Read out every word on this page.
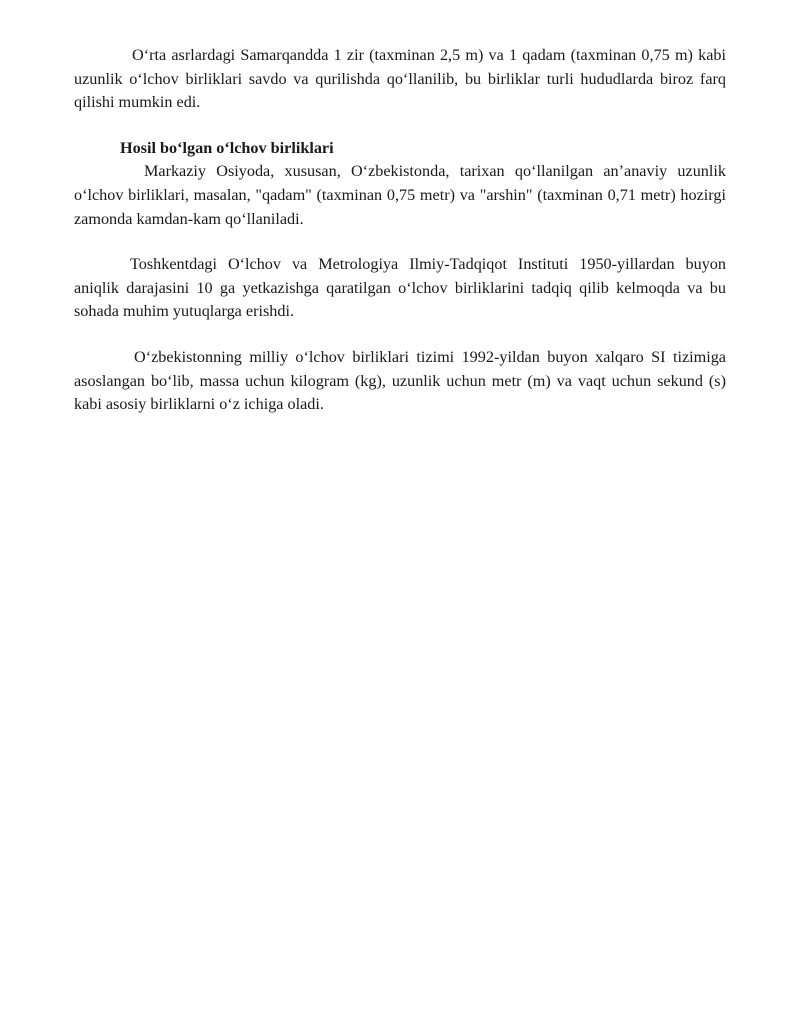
O‘rta asrlardagi Samarqandda 1 zir (taxminan 2,5 m) va 1 qadam (taxminan 0,75 m) kabi uzunlik o‘lchov birliklari savdo va qurilishda qo‘llanilib, bu birliklar turli hududlarda biroz farq qilishi mumkin edi.

Hosil bo‘lgan o‘lchov birliklari

Markaziy Osiyoda, xususan, O‘zbekistonda, tarixan qo‘llanilgan an’anaviy uzunlik o‘lchov birliklari, masalan, "qadam" (taxminan 0,75 metr) va "arshin" (taxminan 0,71 metr) hozirgi zamonda kamdan-kam qo‘llaniladi.

Toshkentdagi O‘lchov va Metrologiya Ilmiy-Tadqiqot Instituti 1950-yillardan buyon aniqlik darajasini 10 ga yetkazishga qaratilgan o‘lchov birliklarini tadqiq qilib kelmoqda va bu sohada muhim yutuqlarga erishdi.

O‘zbekistonning milliy o‘lchov birliklari tizimi 1992-yildan buyon xalqaro SI tizimiga asoslangan bo‘lib, massa uchun kilogram (kg), uzunlik uchun metr (m) va vaqt uchun sekund (s) kabi asosiy birliklarni o‘z ichiga oladi.
